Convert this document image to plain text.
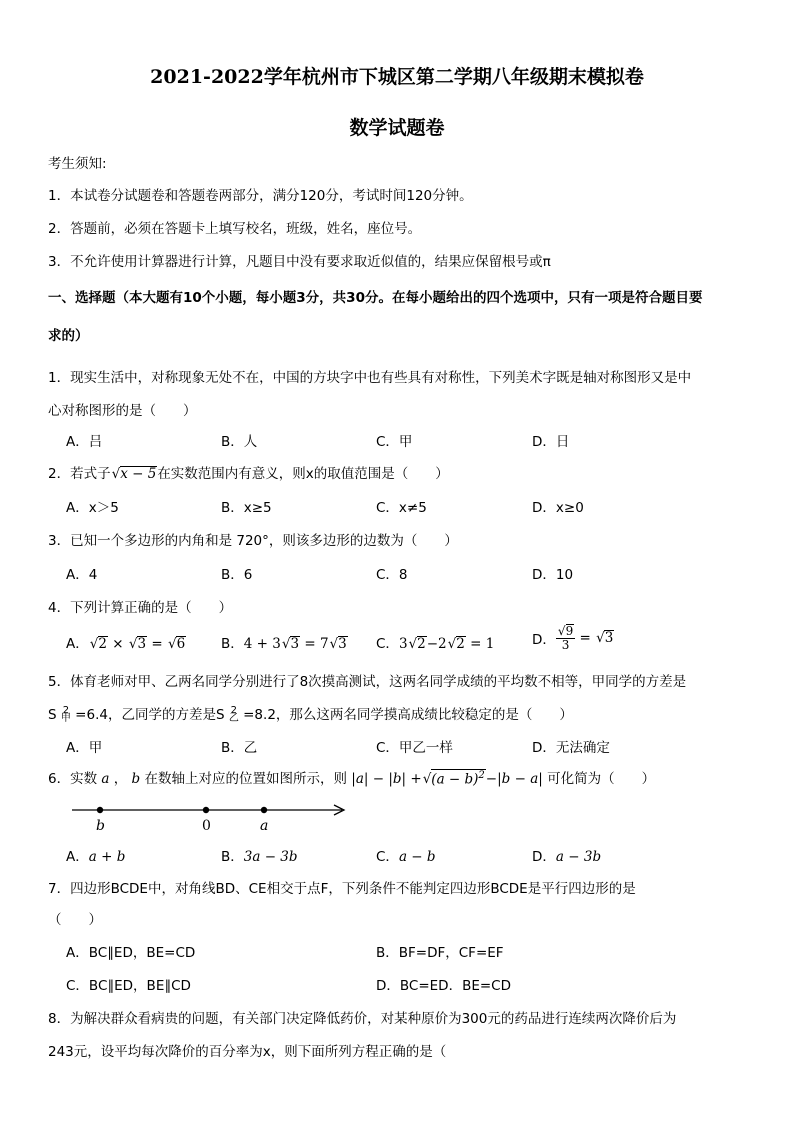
2021-2022学年杭州市下城区第二学期八年级期末模拟卷
数学试题卷
考生须知:
1．本试卷分试题卷和答题卷两部分，满分120分，考试时间120分钟。
2．答题前，必须在答题卡上填写校名，班级，姓名，座位号。
3．不允许使用计算器进行计算，凡题目中没有要求取近似值的，结果应保留根号或π
一、选择题（本大题有10个小题，每小题3分，共30分。在每小题给出的四个选项中，只有一项是符合题目要
求的）
1．现实生活中，对称现象无处不在，中国的方块字中也有些具有对称性，下列美术字既是轴对称图形又是中
心对称图形的是（　　）
A．吕	B．人	C．甲	D．日
2．若式子 √ x − 5在实数范围内有意义，则x的取值范围是（　　）
A．x＞5	B．x≥5	C．x≠5	D．x≥0
3．已知一个多边形的内角和是 720°，则该多边形的边数为（　　）
A．4	B．6	C．8	D．10
4．下列计算正确的是（　　）
A． √ 2 × √ 3 = √ 6	B．4 + 3 √ 3 = 7 √ 3 C．3 √ 2−2 √ 2 = 1	D． √ $\frac{9}{3}$ = √ 3
5．体育老师对甲、乙两名同学分别进行了8次摸高测试，这两名同学成绩的平均数不相等，甲同学的方差是
S 2
甲 =6.4，乙同学的方差是S 2
乙 =8.2，那么这两名同学摸高成绩比较稳定的是（　　）
A．甲	B．乙	C．甲乙一样	D．无法确定
6．实数 a ， b 在数轴上对应的位置如图所示，则 |a| − |b| + √ $(a - b)^2-|b - a|$ 可化简为（　　）
b	0	a
A．a + b	B．3a − 3b	C．a − b	D．a − 3b
7．四边形BCDE中，对角线BD、CE相交于点F，下列条件不能判定四边形BCDE是平行四边形的是
（　　）
A．BC∥ED，BE=CD	B．BF=DF，CF=EF
C．BC∥ED，BE∥CD	D．BC=ED．BE=CD
8．为解决群众看病贵的问题，有关部门决定降低药价，对某种原价为300元的药品进行连续两次降价后为
243元，设平均每次降价的百分率为x，则下面所列方程正确的是（
